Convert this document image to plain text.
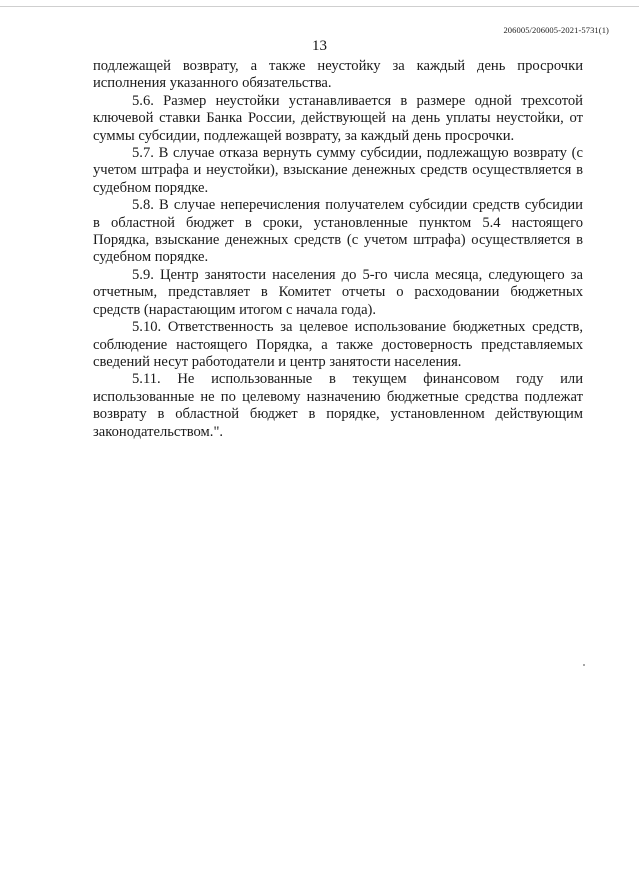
206005/206005-2021-5731(1)
13

подлежащей возврату, а также неустойку за каждый день просрочки исполнения указанного обязательства.

5.6. Размер неустойки устанавливается в размере одной трехсотой ключевой ставки Банка России, действующей на день уплаты неустойки, от суммы субсидии, подлежащей возврату, за каждый день просрочки.

5.7. В случае отказа вернуть сумму субсидии, подлежащую возврату (с учетом штрафа и неустойки), взыскание денежных средств осуществляется в судебном порядке.

5.8. В случае неперечисления получателем субсидии средств субсидии в областной бюджет в сроки, установленные пунктом 5.4 настоящего Порядка, взыскание денежных средств (с учетом штрафа) осуществляется в судебном порядке.

5.9. Центр занятости населения до 5-го числа месяца, следующего за отчетным, представляет в Комитет отчеты о расходовании бюджетных средств (нарастающим итогом с начала года).

5.10. Ответственность за целевое использование бюджетных средств, соблюдение настоящего Порядка, а также достоверность представляемых сведений несут работодатели и центр занятости населения.

5.11. Не использованные в текущем финансовом году или использованные не по целевому назначению бюджетные средства подлежат возврату в областной бюджет в порядке, установленном действующим законодательством.".
